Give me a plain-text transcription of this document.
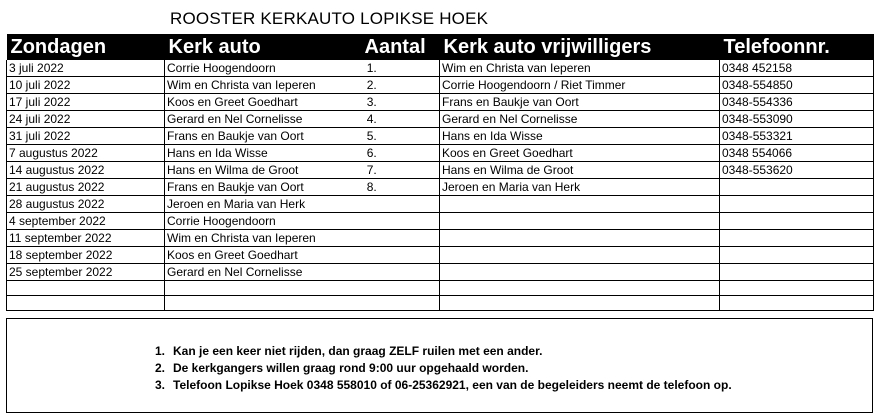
ROOSTER KERKAUTO LOPIKSE HOEK
Zondagen	Kerk auto	Aantal	Kerk auto vrijwilligers	Telefoonnr.
3 juli 2022	Corrie Hoogendoorn	1.	Wim en Christa van Ieperen	0348 452158
10 juli 2022	Wim en Christa van Ieperen	2.	Corrie Hoogendoorn / Riet Timmer	0348-554850
17 juli 2022	Koos en Greet Goedhart	3.	Frans en Baukje van Oort	0348-554336
24 juli 2022	Gerard en Nel Cornelisse	4.	Gerard en Nel Cornelisse	0348-553090
31 juli 2022	Frans en Baukje van Oort	5.	Hans en Ida Wisse	0348-553321
7 augustus 2022	Hans en Ida Wisse	6.	Koos en Greet Goedhart	0348 554066
14 augustus 2022	Hans en Wilma de Groot	7.	Hans en Wilma de Groot	0348-553620
21 augustus 2022	Frans en Baukje van Oort	8.	Jeroen en Maria van Herk	
28 augustus 2022	Jeroen en Maria van Herk			
4 september 2022	Corrie Hoogendoorn			
11 september 2022	Wim en Christa van Ieperen			
18 september 2022	Koos en Greet Goedhart			
25 september 2022	Gerard en Nel Cornelisse			

1. Kan je een keer niet rijden, dan graag ZELF ruilen met een ander.
2. De kerkgangers willen graag rond 9:00 uur opgehaald worden.
3. Telefoon Lopikse Hoek 0348 558010 of 06-25362921, een van de begeleiders neemt de telefoon op.
